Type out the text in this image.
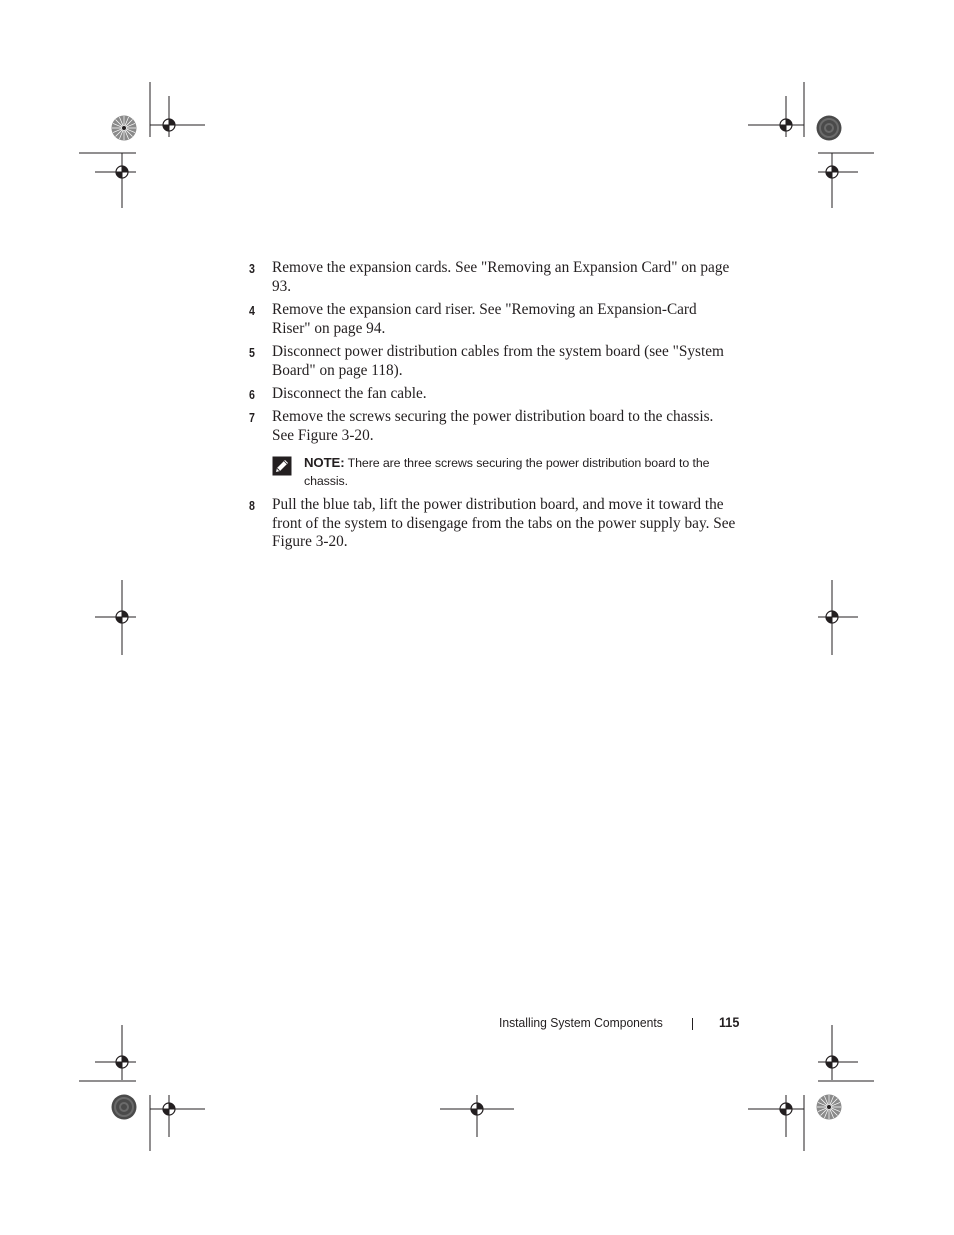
3 Remove the expansion cards. See "Removing an Expansion Card" on page 93.
4 Remove the expansion card riser. See "Removing an Expansion-Card Riser" on page 94.
5 Disconnect power distribution cables from the system board (see "System Board" on page 118).
6 Disconnect the fan cable.
7 Remove the screws securing the power distribution board to the chassis. See Figure 3-20.
NOTE: There are three screws securing the power distribution board to the chassis.
8 Pull the blue tab, lift the power distribution board, and move it toward the front of the system to disengage from the tabs on the power supply bay. See Figure 3-20.
Installing System Components	115
